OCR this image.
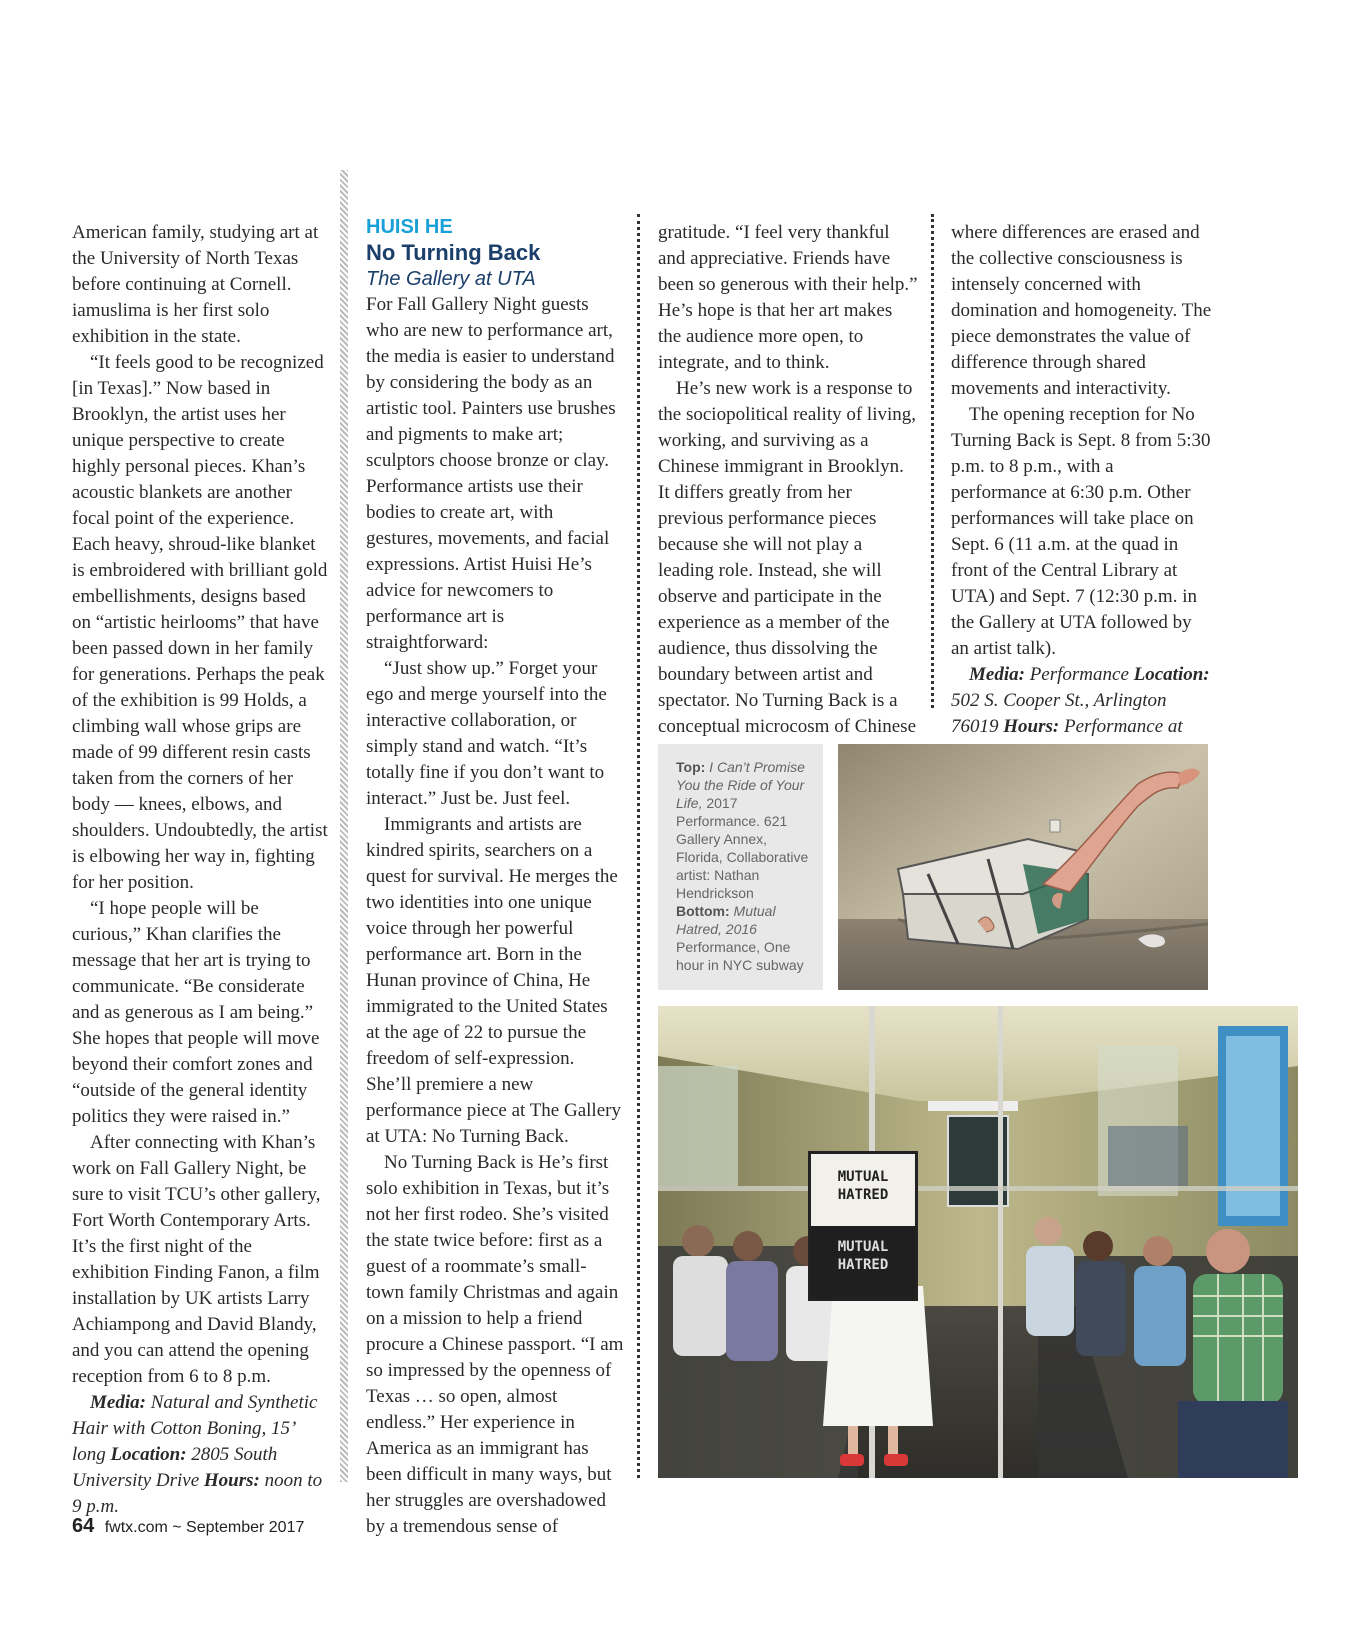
American family, studying art at the University of North Texas before continuing at Cornell. iamuslima is her first solo exhibition in the state.

“It feels good to be recognized [in Texas].” Now based in Brooklyn, the artist uses her unique perspective to create highly personal pieces. Khan’s acoustic blankets are another focal point of the experience. Each heavy, shroud-like blanket is embroidered with brilliant gold embellishments, designs based on “artistic heirlooms” that have been passed down in her family for generations. Perhaps the peak of the exhibition is 99 Holds, a climbing wall whose grips are made of 99 different resin casts taken from the corners of her body — knees, elbows, and shoulders. Undoubtedly, the artist is elbowing her way in, fighting for her position.

“I hope people will be curious,” Khan clarifies the message that her art is trying to communicate. “Be considerate and as generous as I am being.” She hopes that people will move beyond their comfort zones and “outside of the general identity politics they were raised in.”

After connecting with Khan’s work on Fall Gallery Night, be sure to visit TCU’s other gallery, Fort Worth Contemporary Arts. It’s the first night of the exhibition Finding Fanon, a film installation by UK artists Larry Achiampong and David Blandy, and you can attend the opening reception from 6 to 8 p.m.

Media: Natural and Synthetic Hair with Cotton Boning, 15’ long Location: 2805 South University Drive Hours: noon to 9 p.m.

HUISI HE
No Turning Back
The Gallery at UTA

For Fall Gallery Night guests who are new to performance art, the media is easier to understand by considering the body as an artistic tool. Painters use brushes and pigments to make art; sculptors choose bronze or clay. Performance artists use their bodies to create art, with gestures, movements, and facial expressions. Artist Huisi He’s advice for newcomers to performance art is straightforward:

“Just show up.” Forget your ego and merge yourself into the interactive collaboration, or simply stand and watch. “It’s totally fine if you don’t want to interact.” Just be. Just feel.

Immigrants and artists are kindred spirits, searchers on a quest for survival. He merges the two identities into one unique voice through her powerful performance art. Born in the Hunan province of China, He immigrated to the United States at the age of 22 to pursue the freedom of self-expression. She’ll premiere a new performance piece at The Gallery at UTA: No Turning Back.

No Turning Back is He’s first solo exhibition in Texas, but it’s not her first rodeo. She’s visited the state twice before: first as a guest of a roommate’s small-town family Christmas and again on a mission to help a friend procure a Chinese passport. “I am so impressed by the openness of Texas … so open, almost endless.” Her experience in America as an immigrant has been difficult in many ways, but her struggles are overshadowed by a tremendous sense of

gratitude. “I feel very thankful and appreciative. Friends have been so generous with their help.” He’s hope is that her art makes the audience more open, to integrate, and to think.

He’s new work is a response to the sociopolitical reality of living, working, and surviving as a Chinese immigrant in Brooklyn. It differs greatly from her previous performance pieces because she will not play a leading role. Instead, she will observe and participate in the experience as a member of the audience, thus dissolving the boundary between artist and spectator. No Turning Back is a conceptual microcosm of Chinese

where differences are erased and the collective consciousness is intensely concerned with domination and homogeneity. The piece demonstrates the value of difference through shared movements and interactivity.

The opening reception for No Turning Back is Sept. 8 from 5:30 p.m. to 8 p.m., with a performance at 6:30 p.m. Other performances will take place on Sept. 6 (11 a.m. at the quad in front of the Central Library at UTA) and Sept. 7 (12:30 p.m. in the Gallery at UTA followed by an artist talk).

Media: Performance Location: 502 S. Cooper St., Arlington 76019 Hours: Performance at

Top: I Can’t Promise You the Ride of Your Life, 2017 Performance. 621 Gallery Annex, Florida, Collaborative artist: Nathan Hendrickson Bottom: Mutual Hatred, 2016 Performance, One hour in NYC subway
MUTUAL
HATRED
MUTUAL
HATRED
64 fwtx.com ~ September 2017
